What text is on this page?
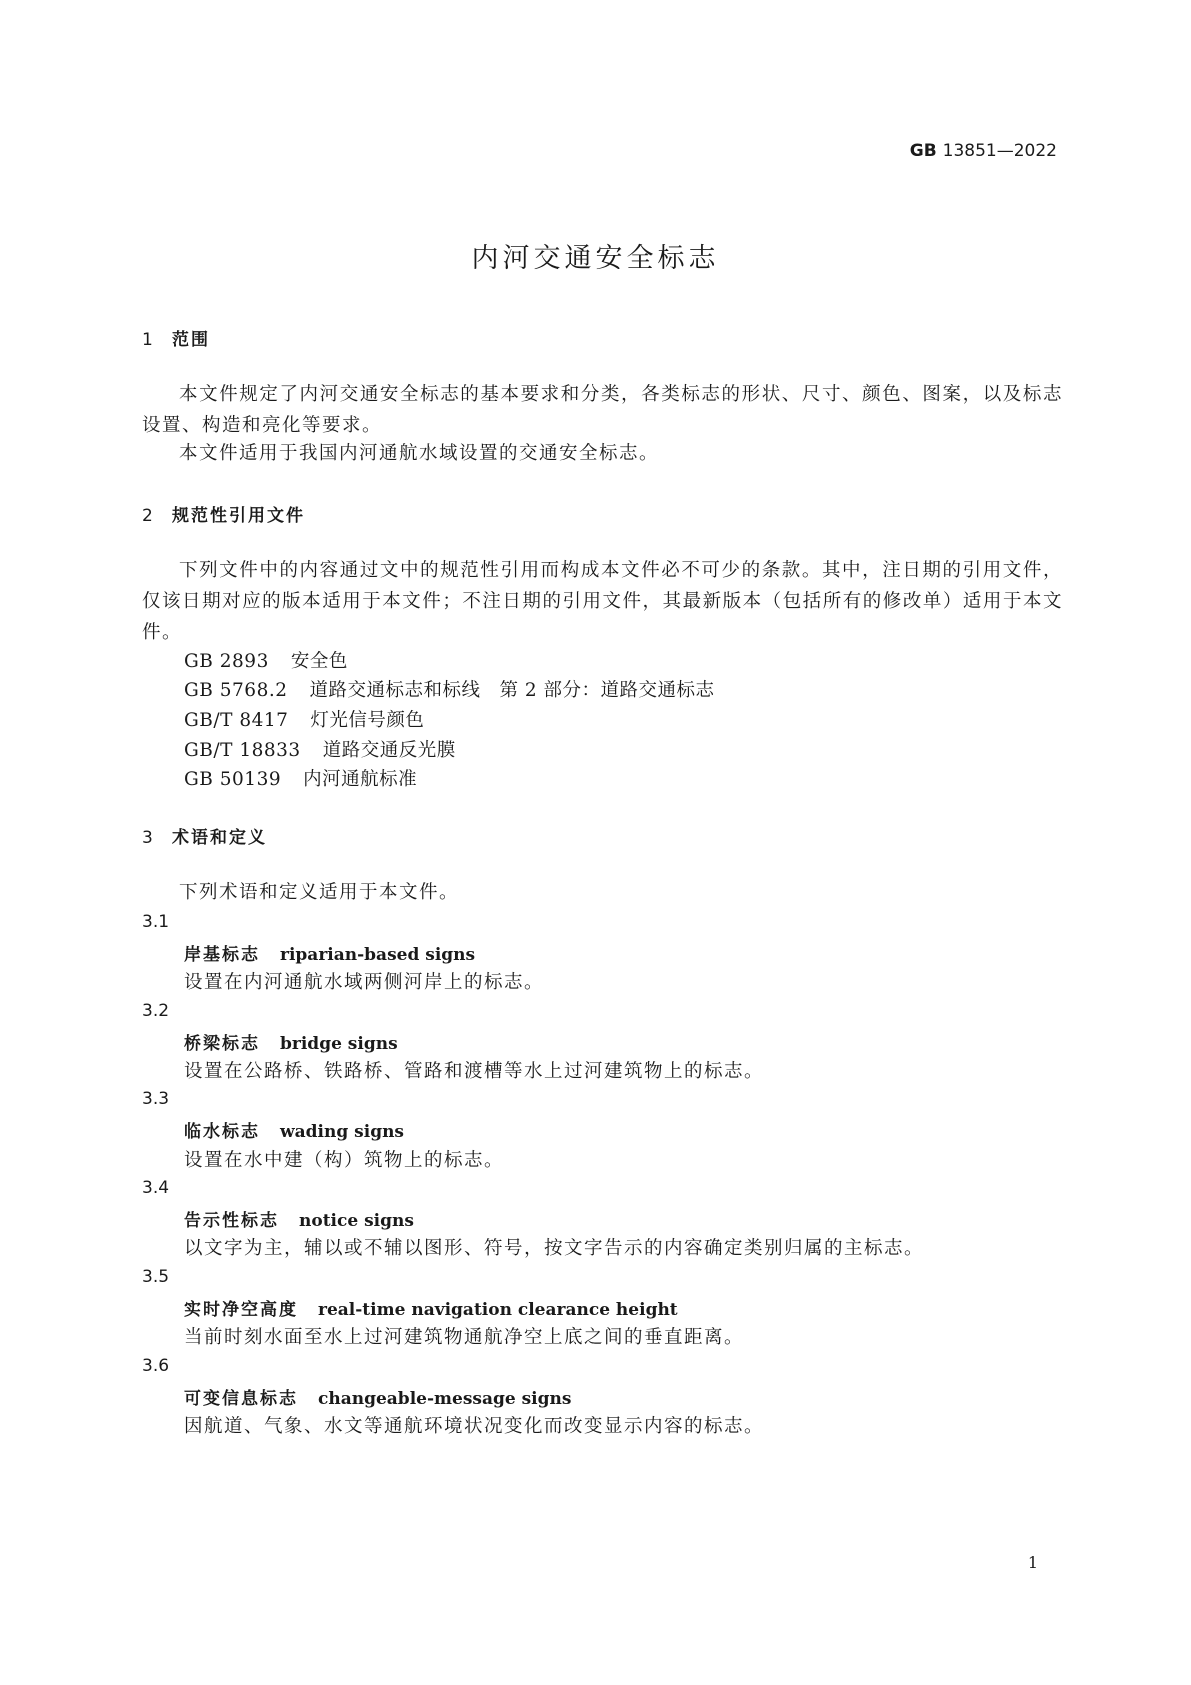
GB 13851—2022
内河交通安全标志
1 范围

本文件规定了内河交通安全标志的基本要求和分类，各类标志的形状、尺寸、颜色、图案，以及标志设置、构造和亮化等要求。

本文件适用于我国内河通航水域设置的交通安全标志。

2 规范性引用文件

下列文件中的内容通过文中的规范性引用而构成本文件必不可少的条款。其中，注日期的引用文件，仅该日期对应的版本适用于本文件；不注日期的引用文件，其最新版本（包括所有的修改单）适用于本文件。

GB 2893 安全色
GB 5768.2 道路交通标志和标线　第 2 部分：道路交通标志
GB/T 8417 灯光信号颜色
GB/T 18833 道路交通反光膜
GB 50139 内河通航标准
3 术语和定义

下列术语和定义适用于本文件。

3.1
岸基标志 riparian-based signs
设置在内河通航水域两侧河岸上的标志。
3.2
桥梁标志 bridge signs
设置在公路桥、铁路桥、管路和渡槽等水上过河建筑物上的标志。
3.3
临水标志 wading signs
设置在水中建（构）筑物上的标志。
3.4
告示性标志 notice signs
以文字为主，辅以或不辅以图形、符号，按文字告示的内容确定类别归属的主标志。
3.5
实时净空高度 real-time navigation clearance height
当前时刻水面至水上过河建筑物通航净空上底之间的垂直距离。
3.6
可变信息标志 changeable-message signs
因航道、气象、水文等通航环境状况变化而改变显示内容的标志。
1
